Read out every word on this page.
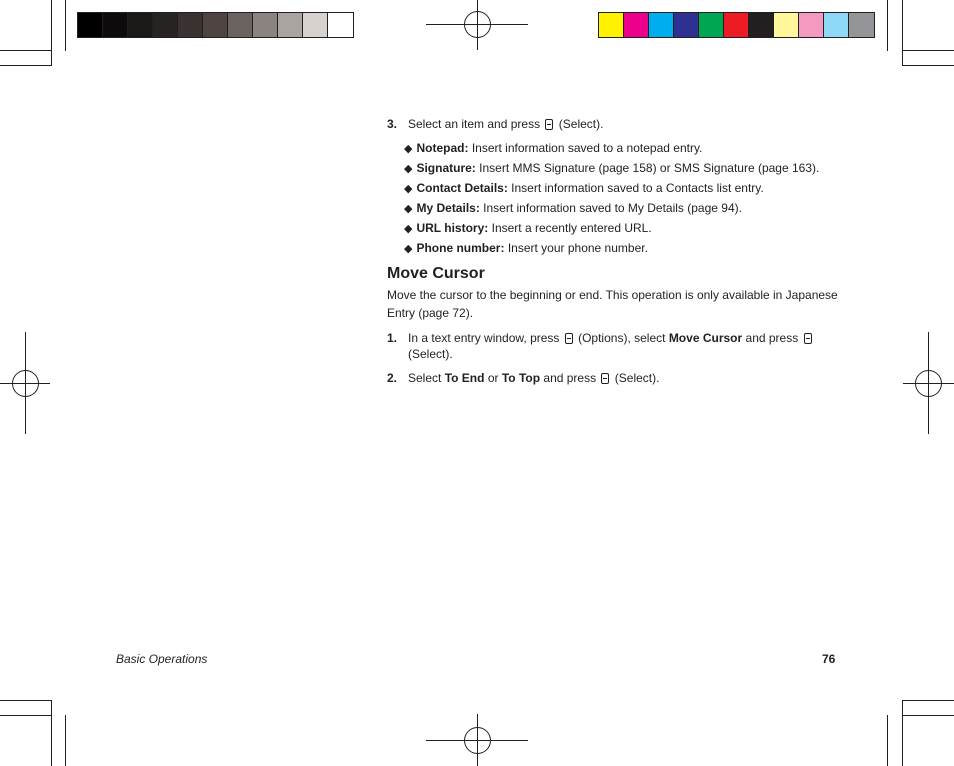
3. Select an item and press (Select).

◆ Notepad: Insert information saved to a notepad entry.
◆ Signature: Insert MMS Signature (page 158) or SMS Signature (page 163).
◆ Contact Details: Insert information saved to a Contacts list entry.
◆ My Details: Insert information saved to My Details (page 94).
◆ URL history: Insert a recently entered URL.
◆ Phone number: Insert your phone number.
Move Cursor

Move the cursor to the beginning or end. This operation is only available in Japanese Entry (page 72).

1. In a text entry window, press (Options), select Move Cursor and press  (Select).

2. Select To End or To Top and press (Select).

Basic Operations	76
